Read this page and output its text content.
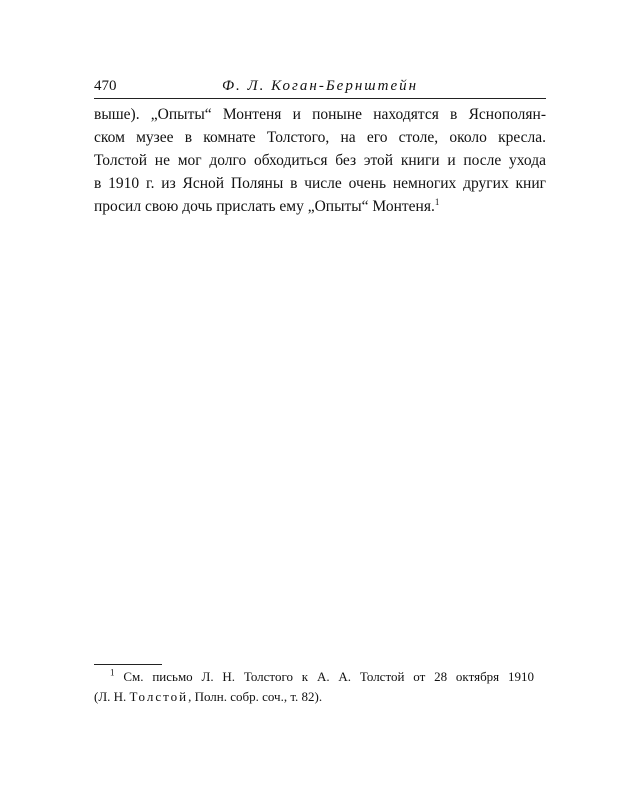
470	Ф. Л. Коган-Бернштейн
выше). „Опыты“ Монтеня и поныне находятся в Яснополян-
ском музее в комнате Толстого, на его столе, около кресла.
Толстой не мог долго обходиться без этой книги и после ухода
в 1910 г. из Ясной Поляны в числе очень немногих других книг
просил свою дочь прислать ему „Опыты“ Монтеня.$^1$
$^1$ См. письмо Л. Н. Толстого к А. А. Толстой от 28 октября 1910
(Л. Н. Толстой, Полн. собр. соч., т. 82).
